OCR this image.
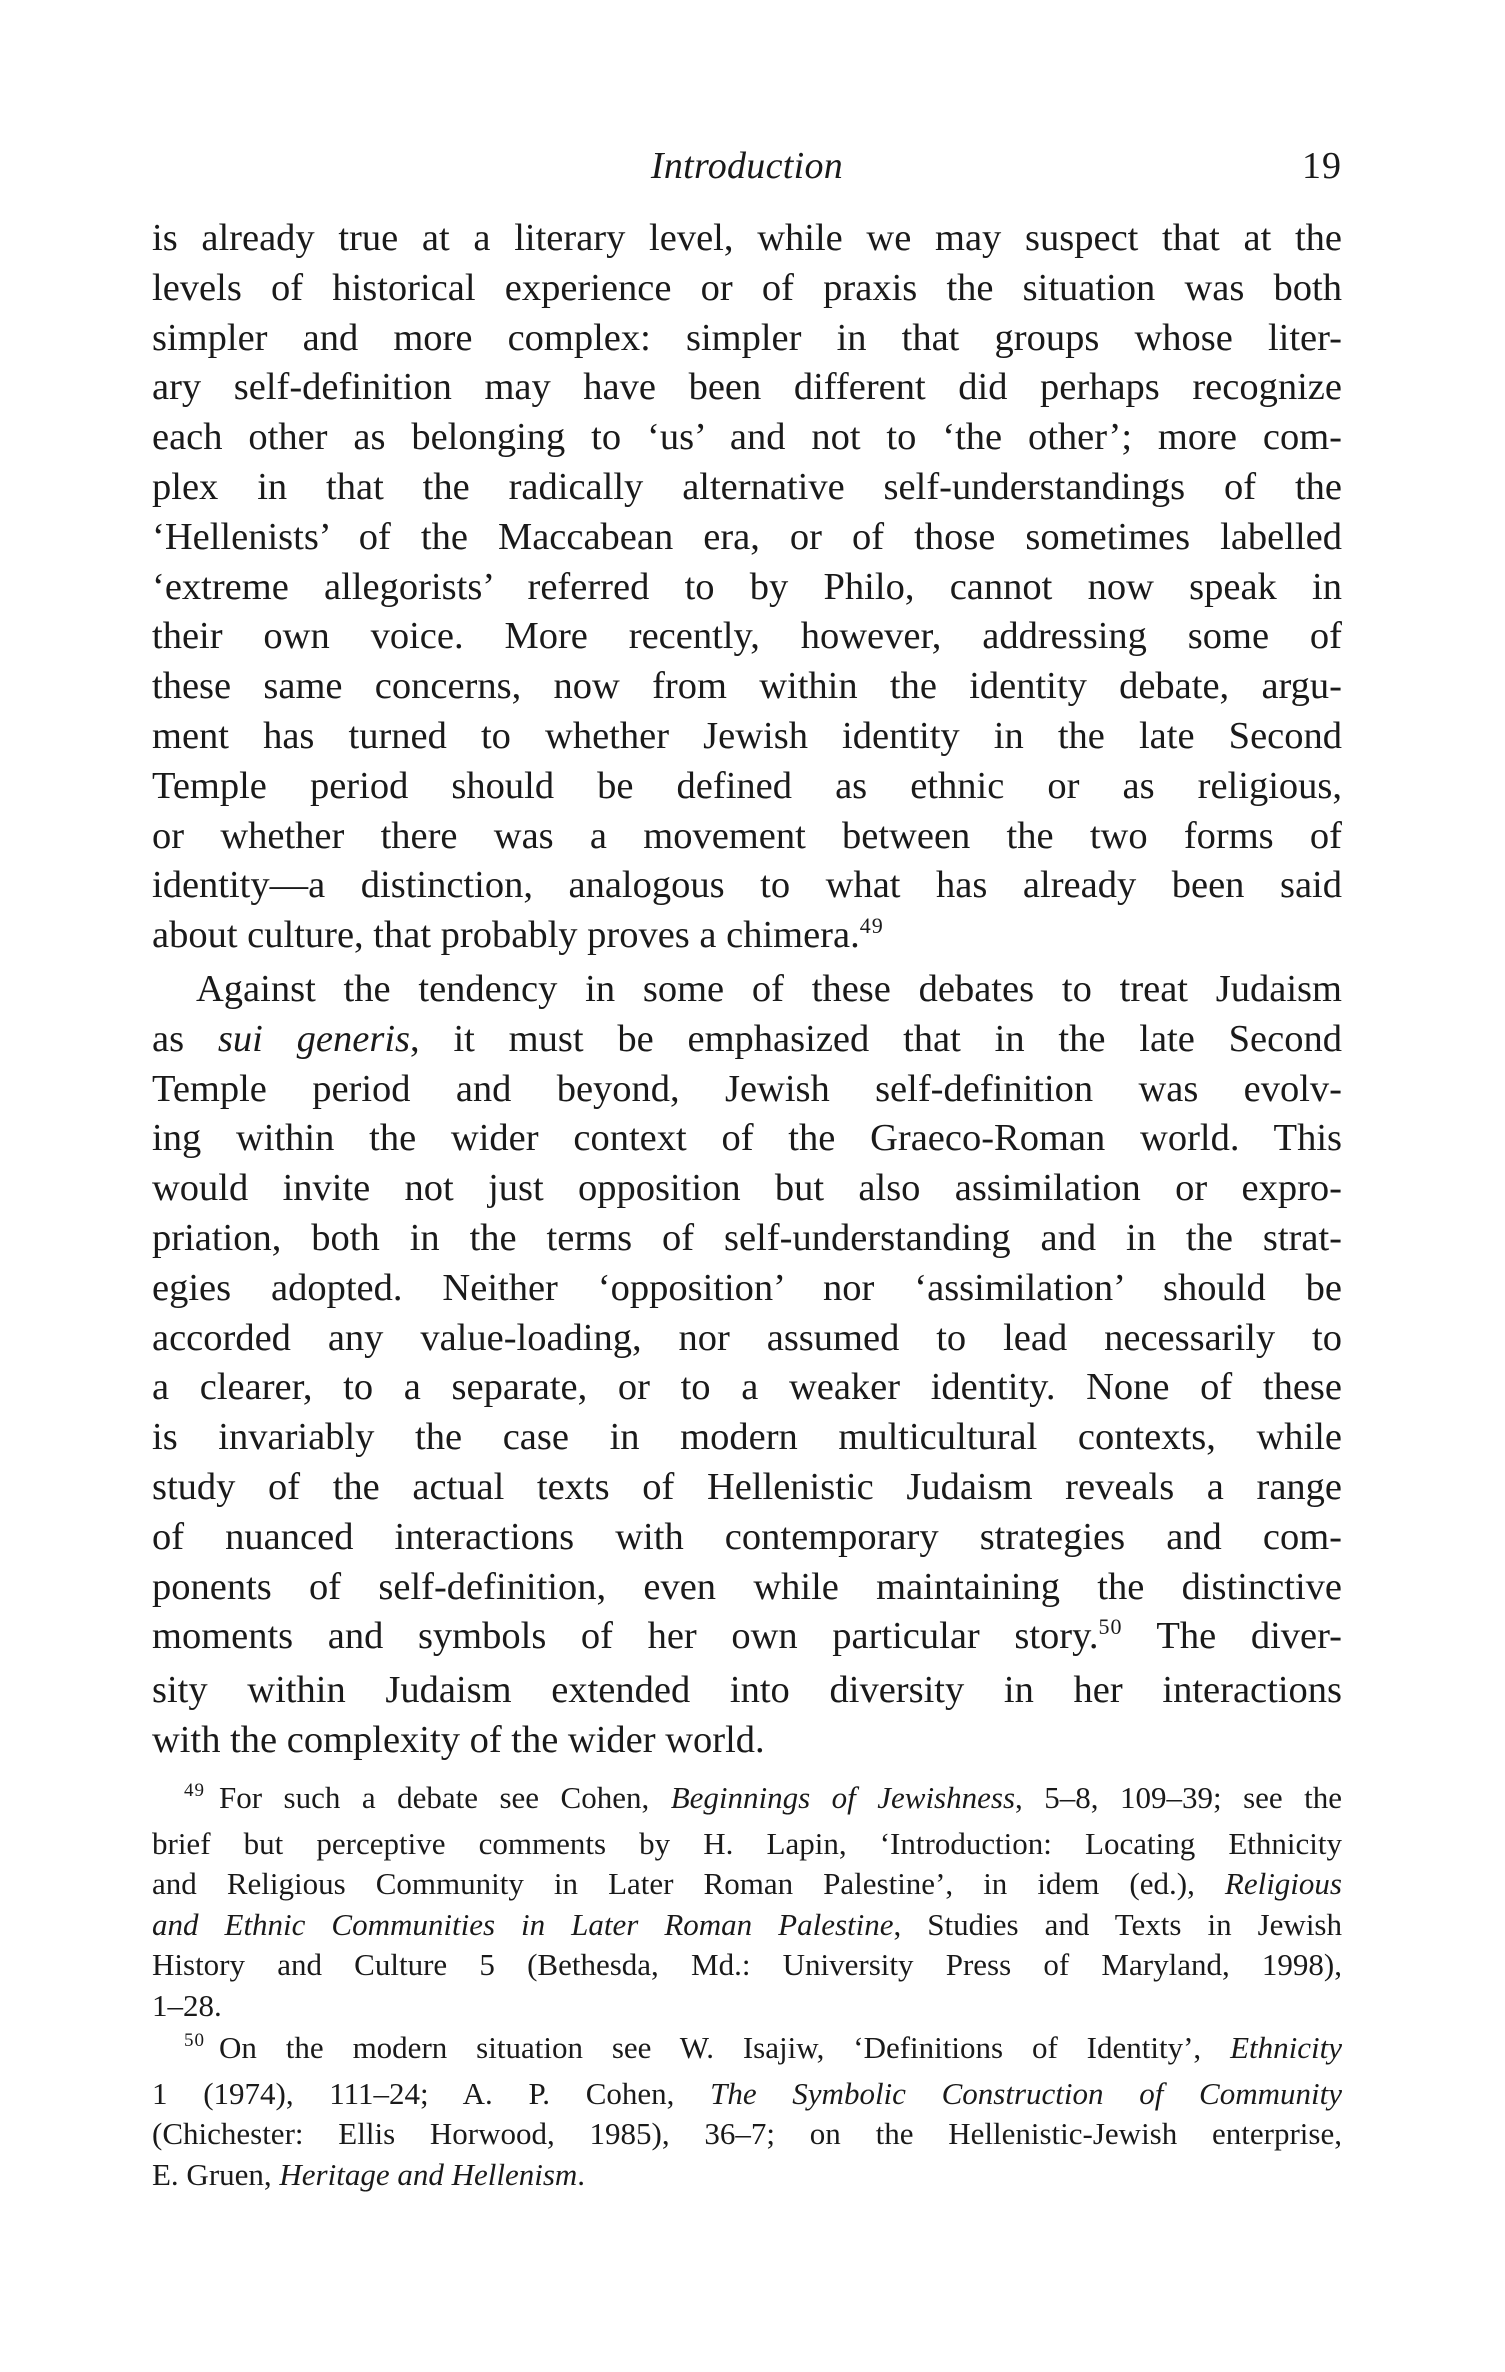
Introduction	19

is already true at a literary level, while we may suspect that at the
levels of historical experience or of praxis the situation was both
simpler and more complex: simpler in that groups whose liter-
ary self-definition may have been different did perhaps recognize
each other as belonging to ‘us’ and not to ‘the other’; more com-
plex in that the radically alternative self-understandings of the
‘Hellenists’ of the Maccabean era, or of those sometimes labelled
‘extreme allegorists’ referred to by Philo, cannot now speak in
their own voice. More recently, however, addressing some of
these same concerns, now from within the identity debate, argu-
ment has turned to whether Jewish identity in the late Second
Temple period should be defined as ethnic or as religious,
or whether there was a movement between the two forms of
identity—a distinction, analogous to what has already been said
about culture, that probably proves a chimera.$^{49}$

Against the tendency in some of these debates to treat Judaism
as sui generis, it must be emphasized that in the late Second
Temple period and beyond, Jewish self-definition was evolv-
ing within the wider context of the Graeco-Roman world. This
would invite not just opposition but also assimilation or expro-
priation, both in the terms of self-understanding and in the strat-
egies adopted. Neither ‘opposition’ nor ‘assimilation’ should be
accorded any value-loading, nor assumed to lead necessarily to
a clearer, to a separate, or to a weaker identity. None of these
is invariably the case in modern multicultural contexts, while
study of the actual texts of Hellenistic Judaism reveals a range
of nuanced interactions with contemporary strategies and com-
ponents of self-definition, even while maintaining the distinctive
moments and symbols of her own particular story.$^{50}$ The diver-
sity within Judaism extended into diversity in her interactions
with the complexity of the wider world.

$^{49}$ For such a debate see Cohen, Beginnings of Jewishness, 5–8, 109–39; see the
brief but perceptive comments by H. Lapin, ‘Introduction: Locating Ethnicity
and Religious Community in Later Roman Palestine’, in idem (ed.), Religious
and Ethnic Communities in Later Roman Palestine, Studies and Texts in Jewish
History and Culture 5 (Bethesda, Md.: University Press of Maryland, 1998),
1–28.
$^{50}$ On the modern situation see W. Isajiw, ‘Definitions of Identity’, Ethnicity
1 (1974), 111–24; A. P. Cohen, The Symbolic Construction of Community
(Chichester: Ellis Horwood, 1985), 36–7; on the Hellenistic-Jewish enterprise,
E. Gruen, Heritage and Hellenism.
